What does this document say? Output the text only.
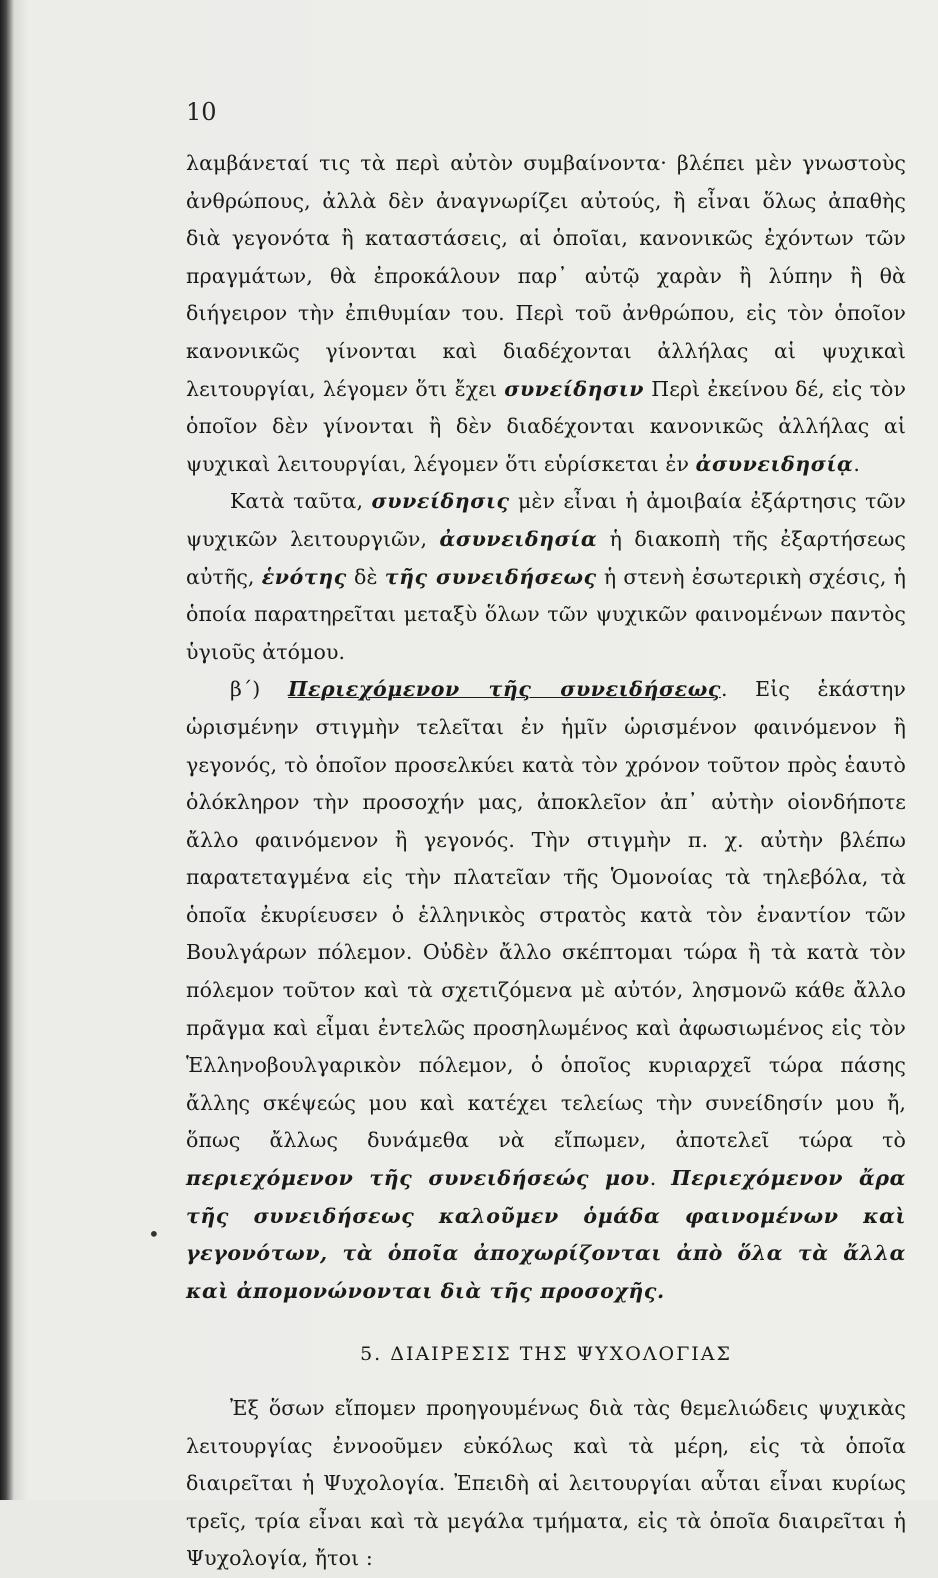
10

λαμβάνεταί τις τὰ περὶ αὐτὸν συμβαίνοντα· βλέπει μὲν γνωστοὺς ἀνθρώπους, ἀλλὰ δὲν ἀναγνωρίζει αὐτούς, ἢ εἶναι ὅλως ἀπαθὴς διὰ γεγονότα ἢ καταστάσεις, αἱ ὁποῖαι, κανονικῶς ἐχόντων τῶν πραγμάτων, θὰ ἐπροκάλουν παρ᾽ αὐτῷ χαρὰν ἢ λύπην ἢ θὰ διήγειρον τὴν ἐπιθυμίαν του. Περὶ τοῦ ἀνθρώπου, εἰς τὸν ὁποῖον κανονικῶς γίνονται καὶ διαδέχονται ἀλλήλας αἱ ψυχικαὶ λειτουργίαι, λέγομεν ὅτι ἔχει συνείδησιν Περὶ ἐκείνου δέ, εἰς τὸν ὁποῖον δὲν γίνονται ἢ δὲν διαδέχονται κανονικῶς ἀλλήλας αἱ ψυχικαὶ λειτουργίαι, λέγομεν ὅτι εὑρίσκεται ἐν ἀσυνειδησίᾳ.

Κατὰ ταῦτα, συνείδησις μὲν εἶναι ἡ ἀμοιβαία ἐξάρτησις τῶν ψυχικῶν λειτουργιῶν, ἀσυνειδησία ἡ διακοπὴ τῆς ἐξαρτήσεως αὐτῆς, ἑνότης δὲ τῆς συνειδήσεως ἡ στενὴ ἐσωτερικὴ σχέσις, ἡ ὁποία παρατηρεῖται μεταξὺ ὅλων τῶν ψυχικῶν φαινομένων παντὸς ὑγιοῦς ἀτόμου.

β΄) Περιεχόμενον τῆς συνειδήσεως. Εἰς ἑκάστην ὡρισμένην στιγμὴν τελεῖται ἐν ἡμῖν ὡρισμένον φαινόμενον ἢ γεγονός, τὸ ὁποῖον προσελκύει κατὰ τὸν χρόνον τοῦτον πρὸς ἑαυτὸ ὁλόκληρον τὴν προσοχήν μας, ἀποκλεῖον ἀπ᾽ αὐτὴν οἱονδήποτε ἄλλο φαινόμενον ἢ γεγονός. Τὴν στιγμὴν π. χ. αὐτὴν βλέπω παρατεταγμένα εἰς τὴν πλατεῖαν τῆς Ὁμονοίας τὰ τηλεβόλα, τὰ ὁποῖα ἐκυρίευσεν ὁ ἑλληνικὸς στρατὸς κατὰ τὸν ἐναντίον τῶν Βουλγάρων πόλεμον. Οὐδὲν ἄλλο σκέπτομαι τώρα ἢ τὰ κατὰ τὸν πόλεμον τοῦτον καὶ τὰ σχετιζόμενα μὲ αὐτόν, λησμονῶ κάθε ἄλλο πρᾶγμα καὶ εἶμαι ἐντελῶς προσηλωμένος καὶ ἀφωσιωμένος εἰς τὸν Ἑλληνοβουλγαρικὸν πόλεμον, ὁ ὁποῖος κυριαρχεῖ τώρα πάσης ἄλλης σκέψεώς μου καὶ κατέχει τελείως τὴν συνείδησίν μου ἤ, ὅπως ἄλλως δυνάμεθα νὰ εἴπωμεν, ἀποτελεῖ τώρα τὸ περιεχόμενον τῆς συνειδήσεώς μου. Περιεχόμενον ἄρα τῆς συνειδήσεως καλοῦμεν ὁμάδα φαινομένων καὶ γεγονότων, τὰ ὁποῖα ἀποχωρίζονται ἀπὸ ὅλα τὰ ἄλλα καὶ ἀπομονώνονται διὰ τῆς προσοχῆς.

5. ΔΙΑΙΡΕΣΙΣ ΤΗΣ ΨΥΧΟΛΟΓΙΑΣ

Ἐξ ὅσων εἴπομεν προηγουμένως διὰ τὰς θεμελιώδεις ψυχικὰς λειτουργίας ἐννοοῦμεν εὐκόλως καὶ τὰ μέρη, εἰς τὰ ὁποῖα διαιρεῖται ἡ Ψυχολογία. Ἐπειδὴ αἱ λειτουργίαι αὗται εἶναι κυρίως τρεῖς, τρία εἶναι καὶ τὰ μεγάλα τμήματα, εἰς τὰ ὁποῖα διαιρεῖται ἡ Ψυχολογία, ἤτοι :

•
